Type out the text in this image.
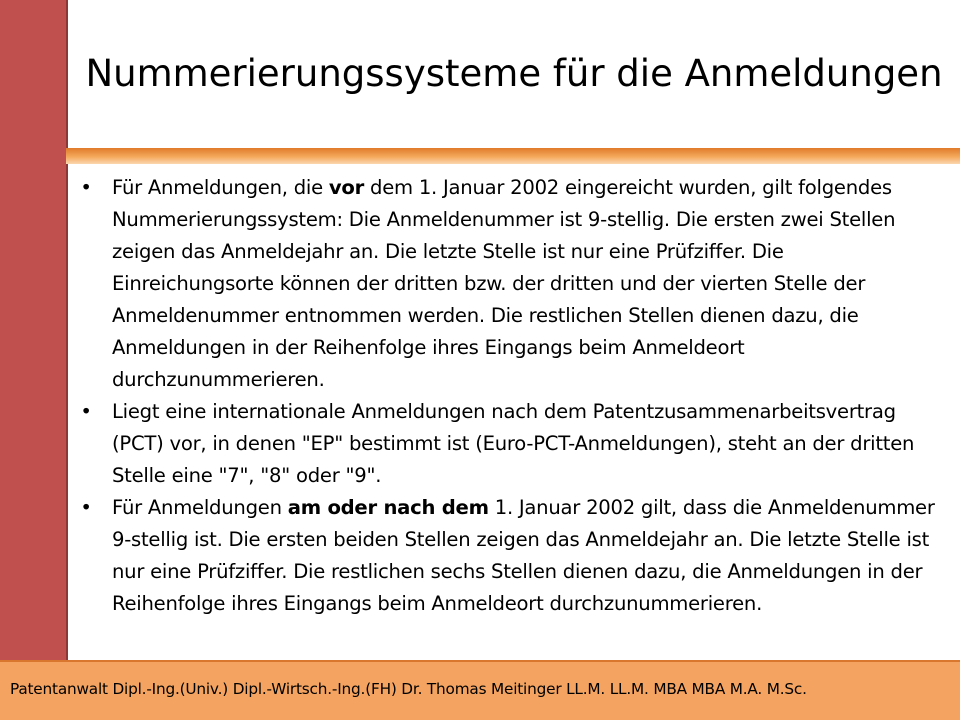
Nummerierungssysteme für die Anmeldungen
• Für Anmeldungen, die vor dem 1. Januar 2002 eingereicht wurden, gilt folgendes Nummerierungssystem: Die Anmeldenummer ist 9-stellig. Die ersten zwei Stellen zeigen das Anmeldejahr an. Die letzte Stelle ist nur eine Prüfziffer. Die Einreichungsorte können der dritten bzw. der dritten und der vierten Stelle der Anmeldenummer entnommen werden. Die restlichen Stellen dienen dazu, die Anmeldungen in der Reihenfolge ihres Eingangs beim Anmeldeort durchzunummerieren.
• Liegt eine internationale Anmeldungen nach dem Patentzusammenarbeitsvertrag (PCT) vor, in denen "EP" bestimmt ist (Euro-PCT-Anmeldungen), steht an der dritten Stelle eine "7", "8" oder "9".
• Für Anmeldungen am oder nach dem 1. Januar 2002 gilt, dass die Anmeldenummer 9-stellig ist. Die ersten beiden Stellen zeigen das Anmeldejahr an. Die letzte Stelle ist nur eine Prüfziffer. Die restlichen sechs Stellen dienen dazu, die Anmeldungen in der Reihenfolge ihres Eingangs beim Anmeldeort durchzunummerieren.
Patentanwalt Dipl.-Ing.(Univ.) Dipl.-Wirtsch.-Ing.(FH) Dr. Thomas Meitinger LL.M. LL.M. MBA MBA M.A. M.Sc.
